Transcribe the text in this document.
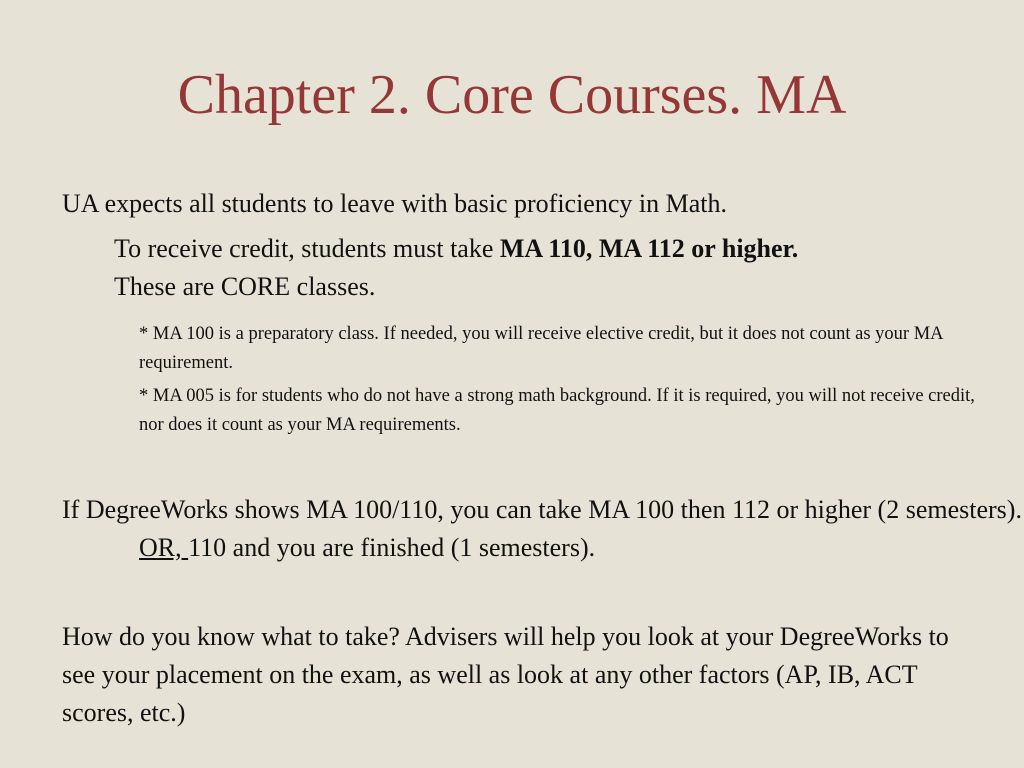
Chapter 2. Core Courses. MA

UA expects all students to leave with basic proficiency in Math.

To receive credit, students must take MA 110, MA 112 or higher.
These are CORE classes.

* MA 100 is a preparatory class. If needed, you will receive elective credit, but it does not count as your MA requirement.

* MA 005 is for students who do not have a strong math background. If it is required, you will not receive credit, nor does it count as your MA requirements.

If DegreeWorks shows MA 100/110, you can take MA 100 then 112 or higher (2 semesters). OR, 110 and you are finished (1 semesters).

How do you know what to take? Advisers will help you look at your DegreeWorks to see your placement on the exam, as well as look at any other factors (AP, IB, ACT scores, etc.)
